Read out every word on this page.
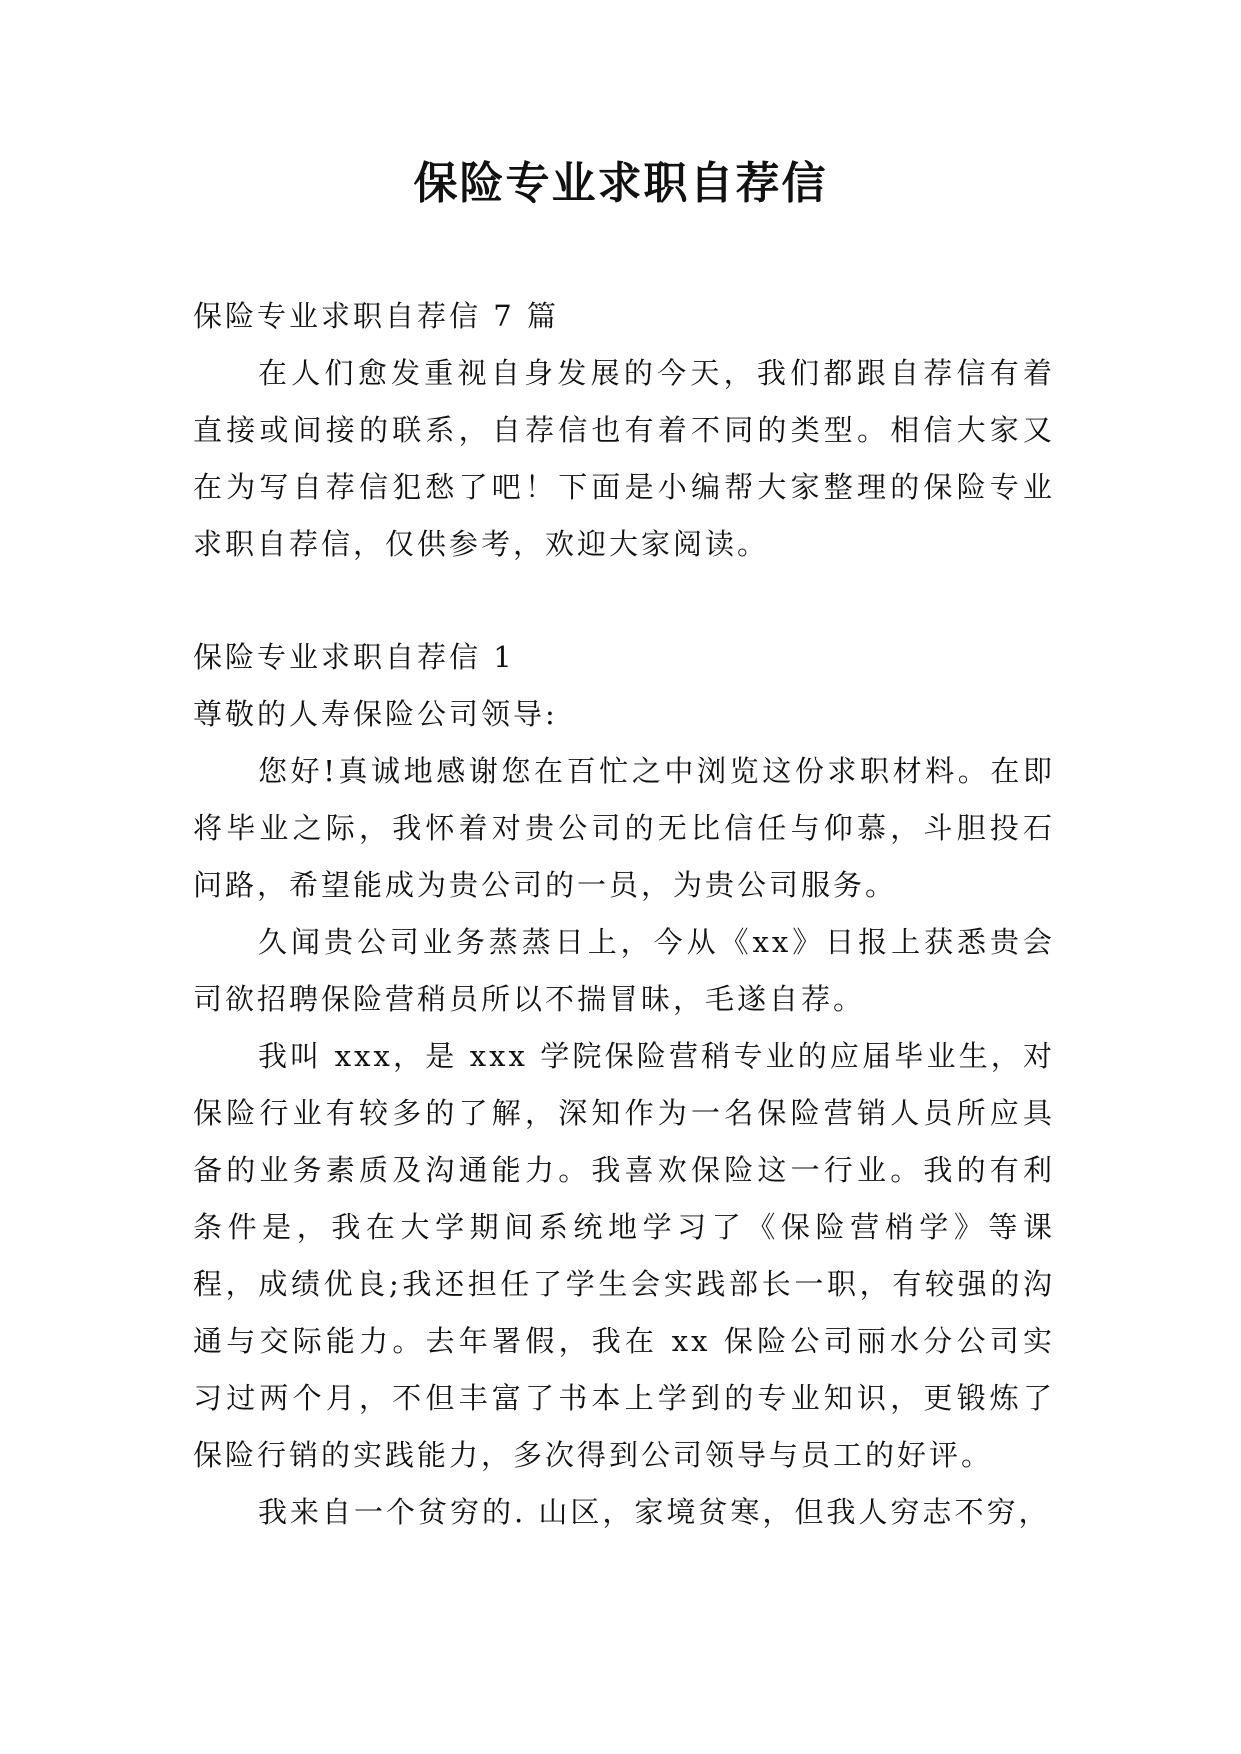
保险专业求职自荐信

保险专业求职自荐信 7 篇

在人们愈发重视自身发展的今天，我们都跟自荐信有着直接或间接的联系，自荐信也有着不同的类型。相信大家又在为写自荐信犯愁了吧！下面是小编帮大家整理的保险专业求职自荐信，仅供参考，欢迎大家阅读。

保险专业求职自荐信 1

尊敬的人寿保险公司领导:

您好!真诚地感谢您在百忙之中浏览这份求职材料。在即将毕业之际，我怀着对贵公司的无比信任与仰慕，斗胆投石问路，希望能成为贵公司的一员，为贵公司服务。

久闻贵公司业务蒸蒸日上，今从《xx》日报上获悉贵会司欲招聘保险营稍员所以不揣冒昧，毛遂自荐。

我叫 xxx，是 xxx 学院保险营稍专业的应届毕业生，对保险行业有较多的了解，深知作为一名保险营销人员所应具备的业务素质及沟通能力。我喜欢保险这一行业。我的有利条件是，我在大学期间系统地学习了《保险营梢学》等课程，成绩优良;我还担任了学生会实践部长一职，有较强的沟通与交际能力。去年署假，我在 xx 保险公司丽水分公司实习过两个月，不但丰富了书本上学到的专业知识，更锻炼了保险行销的实践能力，多次得到公司领导与员工的好评。

我来自一个贫穷的. 山区，家境贫寒，但我人穷志不穷，
